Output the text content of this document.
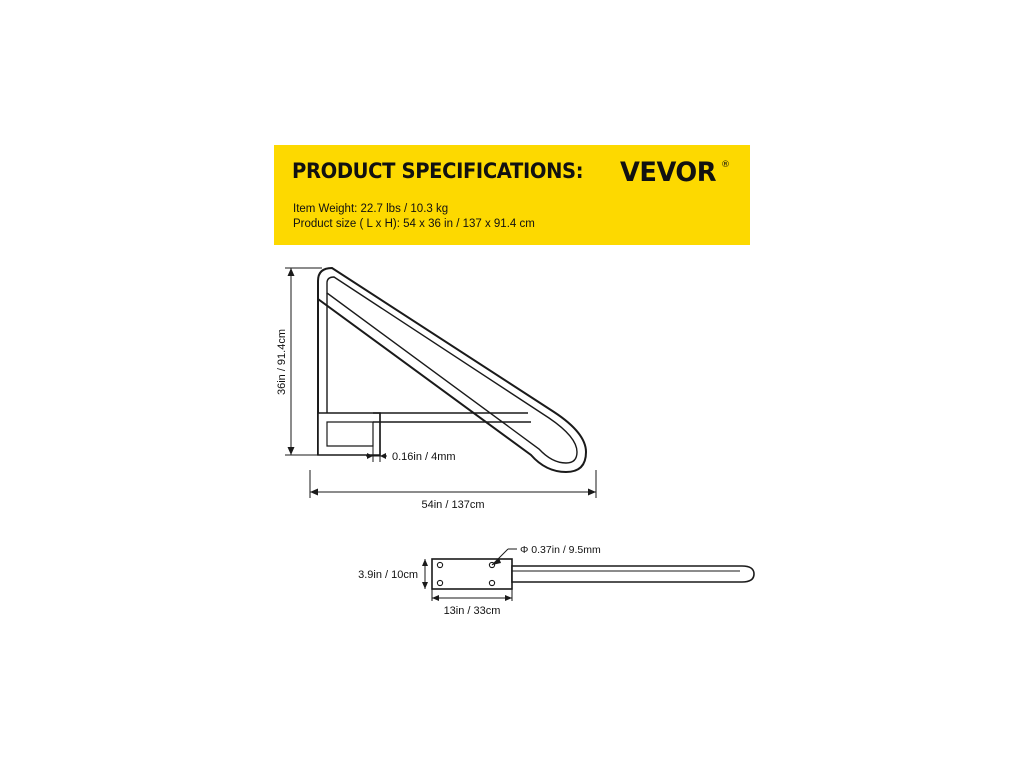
PRODUCT SPECIFICATIONS: VEVOR ®
Item Weight: 22.7 lbs / 10.3 kg
Product size ( L x H): 54 x 36 in / 137 x 91.4 cm
36in / 91.4cm
54in / 137cm
0.16in / 4mm
Φ 0.37in / 9.5mm
3.9in / 10cm
13in / 33cm
